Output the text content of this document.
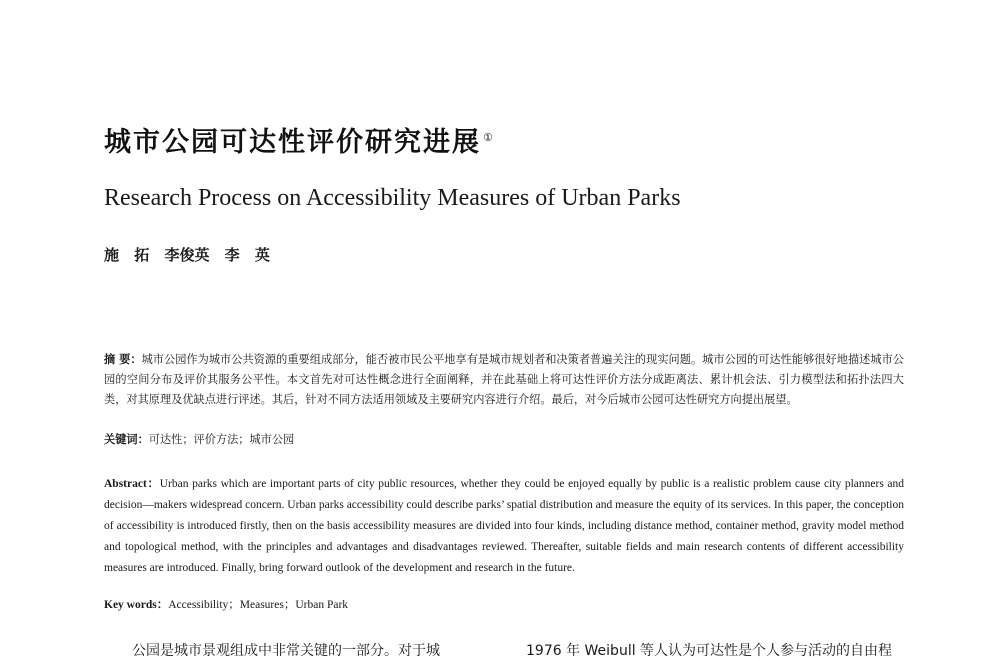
城市公园可达性评价研究进展 ①
Research Process on Accessibility Measures of Urban Parks
施 拓 李俊英 李 英
摘 要：城市公园作为城市公共资源的重要组成部分，能否被市民公平地享有是城市规划者和决策者普遍关注的现实问题。城市公园的可达性能够很好地描述城市公园的空间分布及评价其服务公平性。本文首先对可达性概念进行全面阐释，并在此基础上将可达性评价方法分成距离法、累计机会法、引力模型法和拓扑法四大类，对其原理及优缺点进行评述。其后，针对不同方法适用领域及主要研究内容进行介绍。最后，对今后城市公园可达性研究方向提出展望。
关键词：可达性；评价方法；城市公园
Abstract：Urban parks which are important parts of city public resources, whether they could be enjoyed equally by public is a realistic problem cause city planners and decision—makers widespread concern. Urban parks accessibility could describe parks’ spatial distribution and measure the equity of its services. In this paper, the conception of accessibility is introduced firstly, then on the basis accessibility measures are divided into four kinds, including distance method, container method, gravity model method and topological method, with the principles and advantages and disadvantages reviewed. Thereafter, suitable fields and main research contents of different accessibility measures are introduced. Finally, bring forward outlook of the development and research in the future.
Key words：Accessibility；Measures；Urban Park
公园是城市景观组成中非常关键的一部分。对于城	1976 年 Weibull 等人认为可达性是个人参与活动的自由程
